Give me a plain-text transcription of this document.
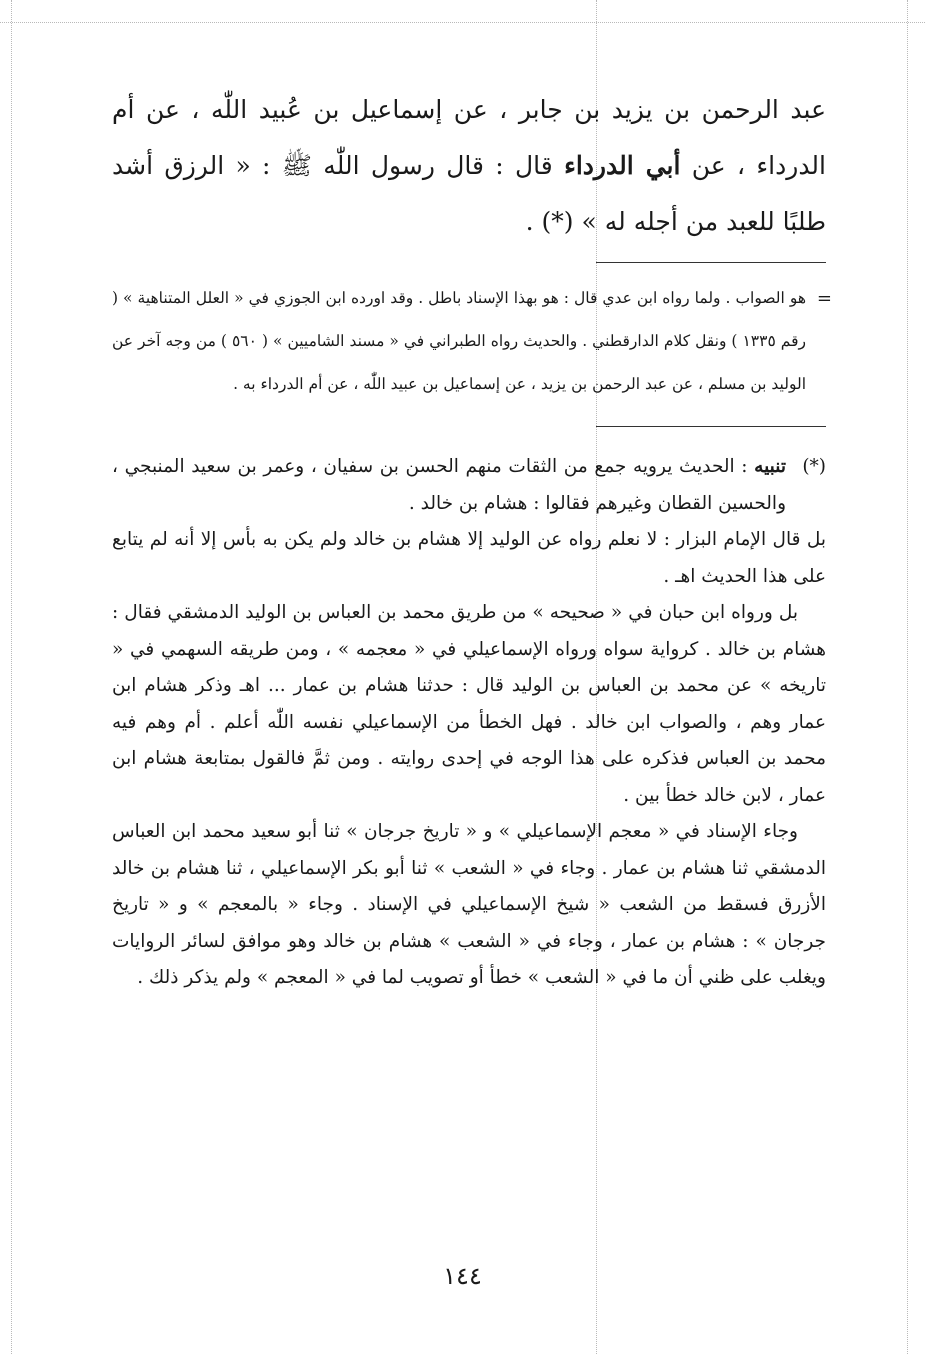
عبد الرحمن بن يزيد بن جابر ، عن إسماعيل بن عُبيد اللّٰه ، عن أم الدرداء ، عن أبي الدرداء قال : قال رسول اللّٰه ﷺ : « الرزق أشد طلبًا للعبد من أجله له » (*) .

=
هو الصواب . ولما رواه ابن عدي قال : هو بهذا الإسناد باطل . وقد اورده ابن الجوزي في « العلل المتناهية » ( رقم ١٣٣٥ ) ونقل كلام الدارقطني . والحديث رواه الطبراني في « مسند الشاميين » ( ٥٦٠ ) من وجه آخر عن الوليد بن مسلم ، عن عبد الرحمن بن يزيد ، عن إسماعيل بن عبيد اللّٰه ، عن أم الدرداء به .

(*)
تنبيه : الحديث يرويه جمع من الثقات منهم الحسن بن سفيان ، وعمر بن سعيد المنبجي ، والحسين القطان وغيرهم فقالوا : هشام بن خالد .

بل قال الإمام البزار : لا نعلم رواه عن الوليد إلا هشام بن خالد ولم يكن به بأس إلا أنه لم يتابع على هذا الحديث اهـ .

بل ورواه ابن حبان في « صحيحه » من طريق محمد بن العباس بن الوليد الدمشقي فقال : هشام بن خالد . كرواية سواه ورواه الإسماعيلي في « معجمه » ، ومن طريقه السهمي في « تاريخه » عن محمد بن العباس بن الوليد قال : حدثنا هشام بن عمار ... اهـ وذكر هشام ابن عمار وهم ، والصواب ابن خالد . فهل الخطأ من الإسماعيلي نفسه اللّٰه أعلم . أم وهم فيه محمد بن العباس فذكره على هذا الوجه في إحدى روايته . ومن ثمَّ فالقول بمتابعة هشام ابن عمار ، لابن خالد خطأ بين .

وجاء الإسناد في « معجم الإسماعيلي » و « تاريخ جرجان » ثنا أبو سعيد محمد ابن العباس الدمشقي ثنا هشام بن عمار . وجاء في « الشعب » ثنا أبو بكر الإسماعيلي ، ثنا هشام بن خالد الأزرق فسقط من الشعب « شيخ الإسماعيلي في الإسناد . وجاء « بالمعجم » و « تاريخ جرجان » : هشام بن عمار ، وجاء في « الشعب » هشام بن خالد وهو موافق لسائر الروايات ويغلب على ظني أن ما في « الشعب » خطأ أو تصويب لما في « المعجم » ولم يذكر ذلك .

١٤٤
